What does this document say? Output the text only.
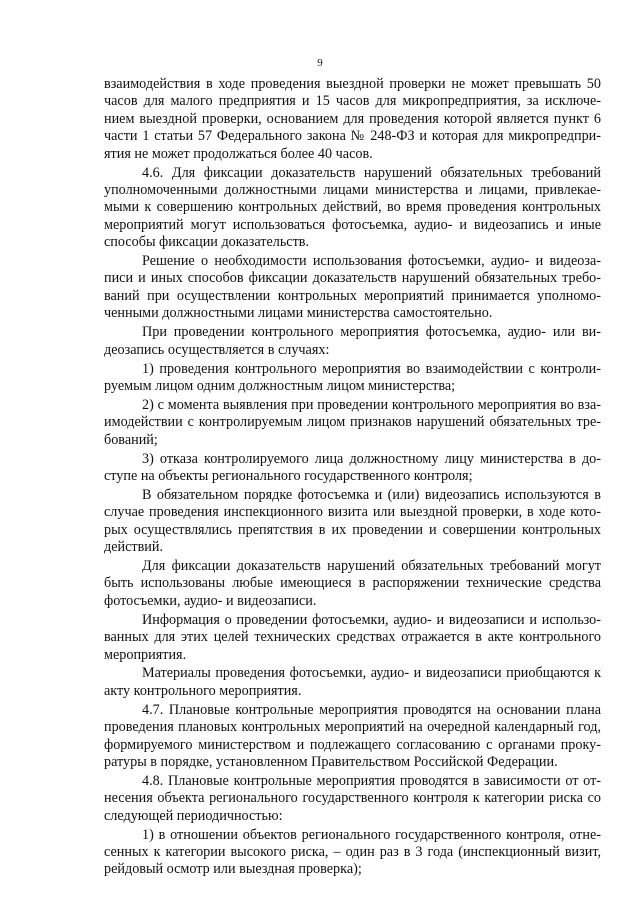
9

взаимодействия в ходе проведения выездной проверки не может превышать 50
часов для малого предприятия и 15 часов для микропредприятия, за исключе-
нием выездной проверки, основанием для проведения которой является пункт 6
части 1 статьи 57 Федерального закона № 248-ФЗ и которая для микропредпри-
ятия не может продолжаться более 40 часов.

4.6. Для фиксации доказательств нарушений обязательных требований
уполномоченными должностными лицами министерства и лицами, привлекае-
мыми к совершению контрольных действий, во время проведения контрольных
мероприятий могут использоваться фотосъемка, аудио- и видеозапись и иные
способы фиксации доказательств.

Решение о необходимости использования фотосъемки, аудио- и видеоза-
писи и иных способов фиксации доказательств нарушений обязательных требо-
ваний при осуществлении контрольных мероприятий принимается уполномо-
ченными должностными лицами министерства самостоятельно.

При проведении контрольного мероприятия фотосъемка, аудио- или ви-
деозапись осуществляется в случаях:

1) проведения контрольного мероприятия во взаимодействии с контроли-
руемым лицом одним должностным лицом министерства;

2) с момента выявления при проведении контрольного мероприятия во вза-
имодействии с контролируемым лицом признаков нарушений обязательных тре-
бований;

3) отказа контролируемого лица должностному лицу министерства в до-
ступе на объекты регионального государственного контроля;

В обязательном порядке фотосъемка и (или) видеозапись используются в
случае проведения инспекционного визита или выездной проверки, в ходе кото-
рых осуществлялись препятствия в их проведении и совершении контрольных
действий.

Для фиксации доказательств нарушений обязательных требований могут
быть использованы любые имеющиеся в распоряжении технические средства
фотосъемки, аудио- и видеозаписи.

Информация о проведении фотосъемки, аудио- и видеозаписи и использо-
ванных для этих целей технических средствах отражается в акте контрольного
мероприятия.

Материалы проведения фотосъемки, аудио- и видеозаписи приобщаются к
акту контрольного мероприятия.

4.7. Плановые контрольные мероприятия проводятся на основании плана
проведения плановых контрольных мероприятий на очередной календарный год,
формируемого министерством и подлежащего согласованию с органами проку-
ратуры в порядке, установленном Правительством Российской Федерации.

4.8. Плановые контрольные мероприятия проводятся в зависимости от от-
несения объекта регионального государственного контроля к категории риска со
следующей периодичностью:

1) в отношении объектов регионального государственного контроля, отне-
сенных к категории высокого риска, – один раз в 3 года (инспекционный визит,
рейдовый осмотр или выездная проверка);
